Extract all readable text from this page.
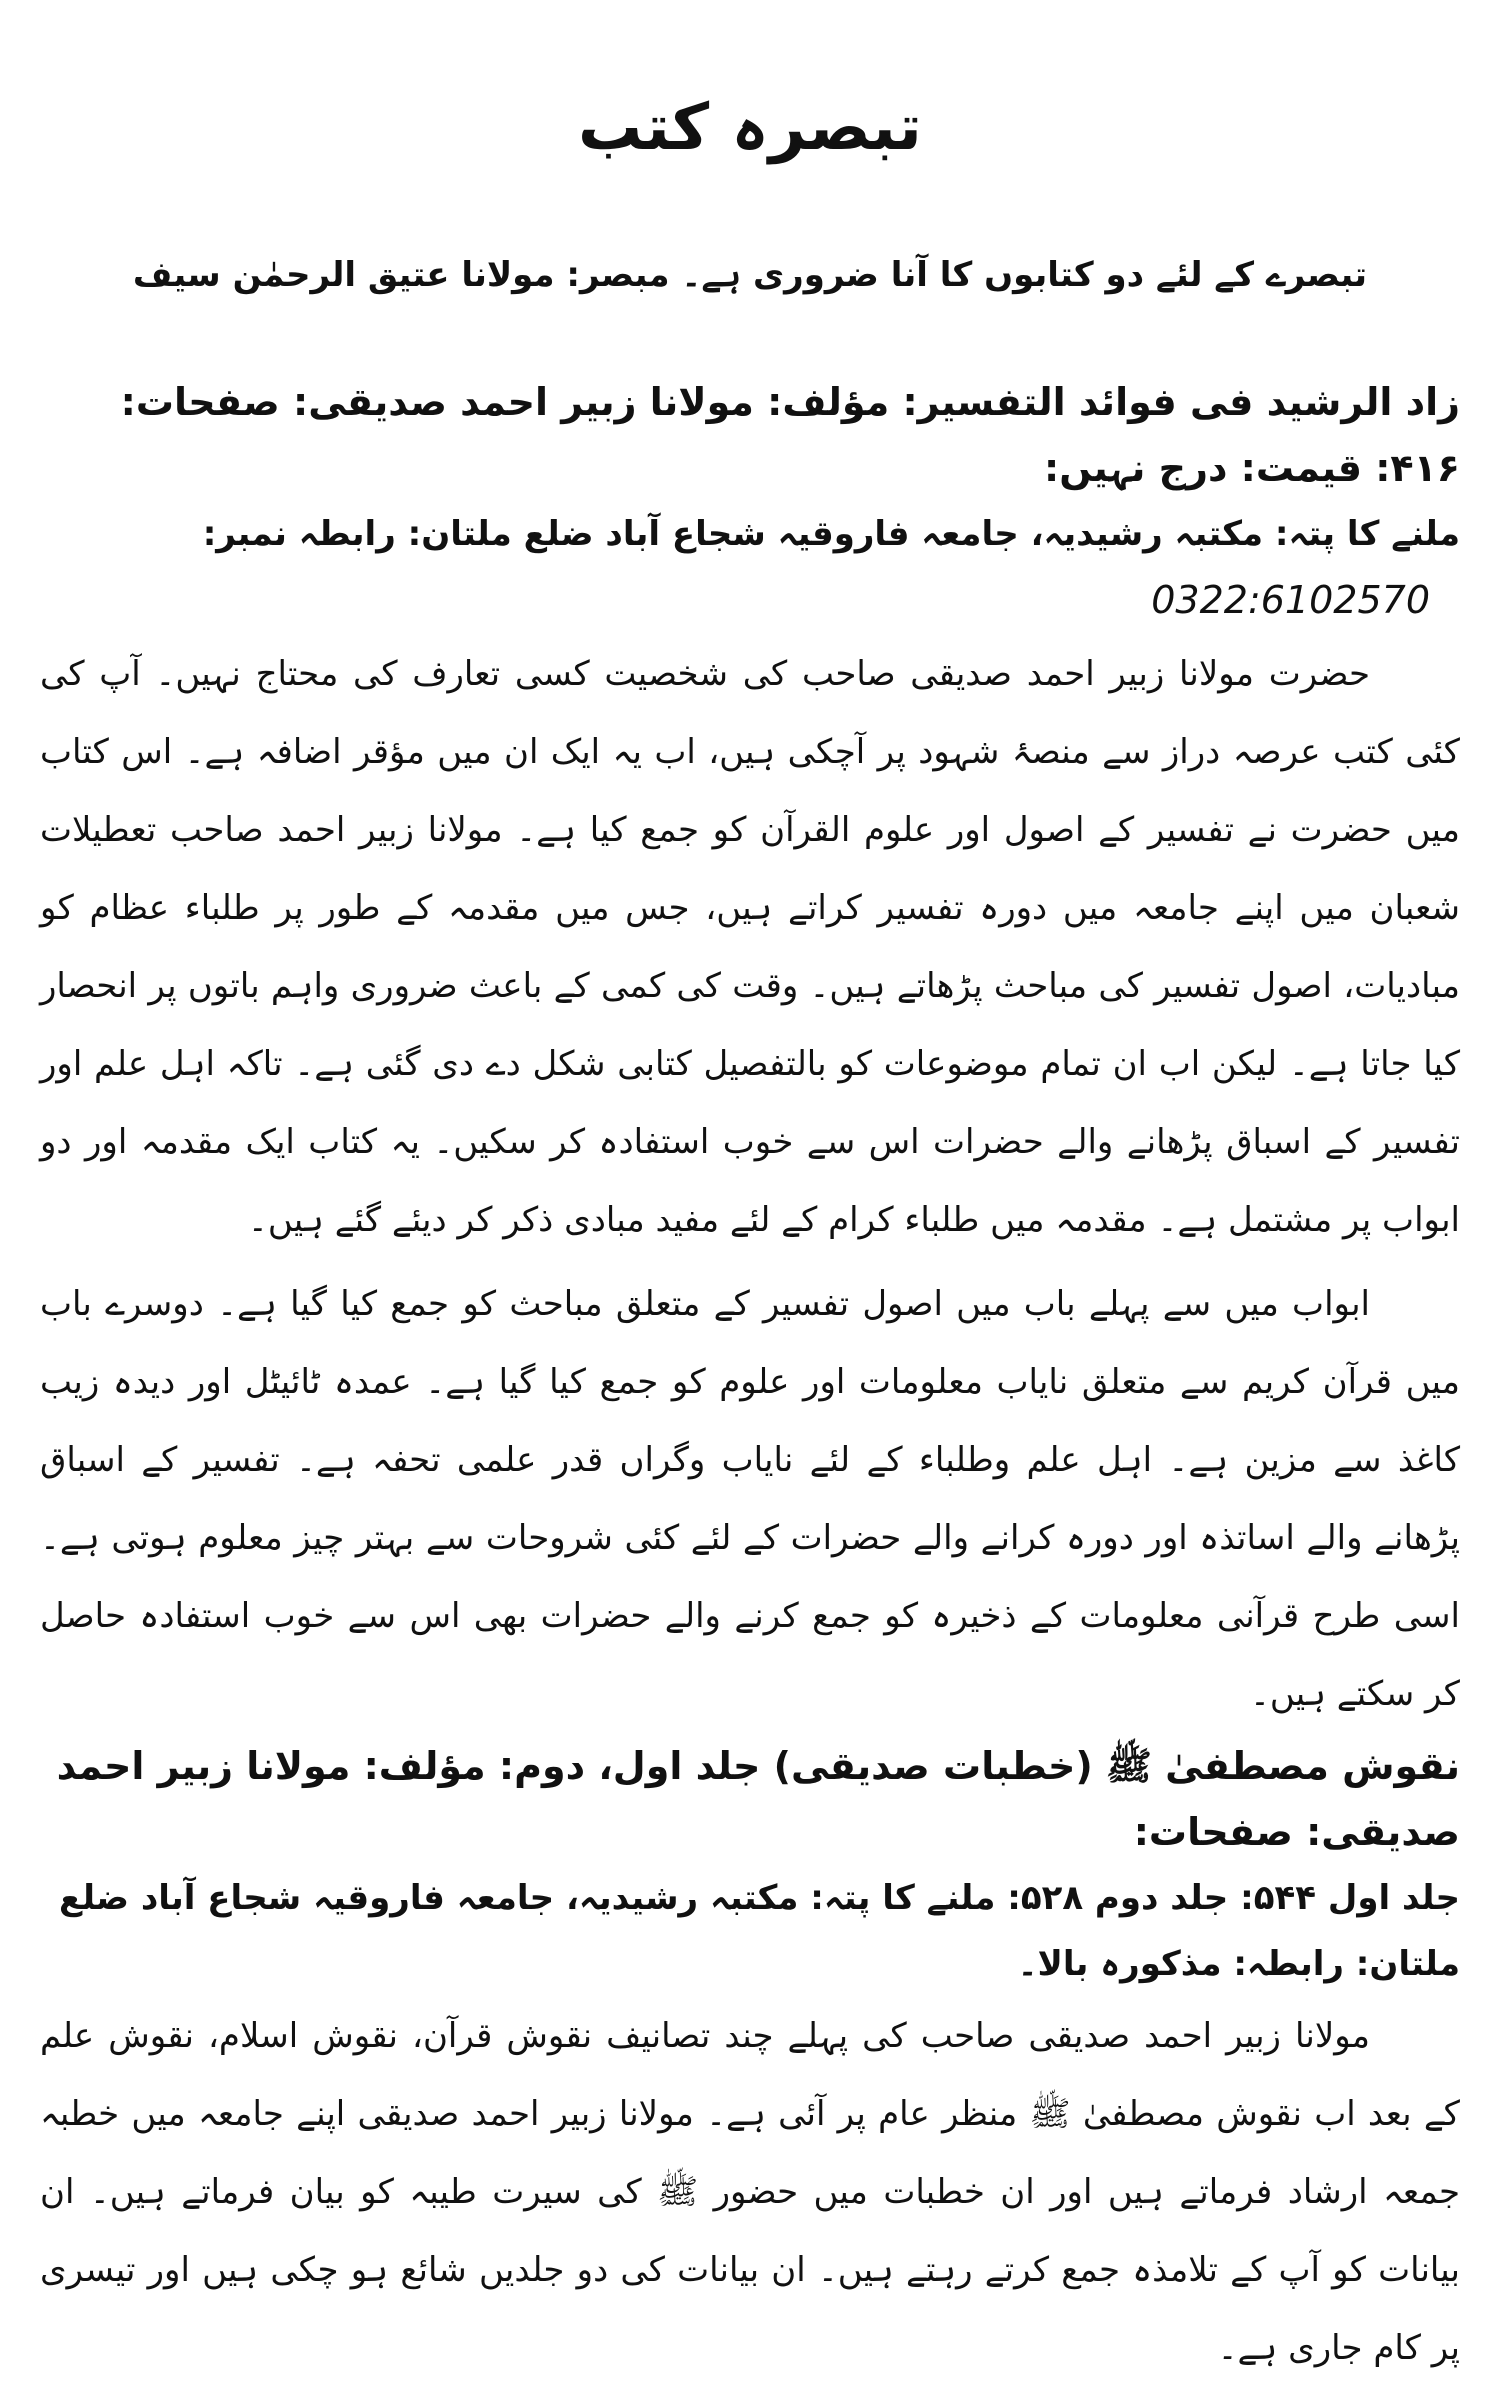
تبصرہ کتب
تبصرے کے لئے دو کتابوں کا آنا ضروری ہے۔ مبصر: مولانا عتیق الرحمٰن سیف
زاد الرشید فی فوائد التفسیر: مؤلف: مولانا زبیر احمد صدیقی: صفحات: ۴۱۶: قیمت: درج نہیں:
ملنے کا پتہ: مکتبہ رشیدیہ، جامعہ فاروقیہ شجاع آباد ضلع ملتان: رابطہ نمبر:0322:6102570

حضرت مولانا زبیر احمد صدیقی صاحب کی شخصیت کسی تعارف کی محتاج نہیں۔ آپ کی کئی کتب عرصہ دراز سے منصۂ شہود پر آچکی ہیں، اب یہ ایک ان میں مؤقر اضافہ ہے۔ اس کتاب میں حضرت نے تفسیر کے اصول اور علوم القرآن کو جمع کیا ہے۔ مولانا زبیر احمد صاحب تعطیلات شعبان میں اپنے جامعہ میں دورہ تفسیر کراتے ہیں، جس میں مقدمہ کے طور پر طلباء عظام کو مبادیات، اصول تفسیر کی مباحث پڑھاتے ہیں۔ وقت کی کمی کے باعث ضروری واہم باتوں پر انحصار کیا جاتا ہے۔ لیکن اب ان تمام موضوعات کو بالتفصیل کتابی شکل دے دی گئی ہے۔ تاکہ اہل علم اور تفسیر کے اسباق پڑھانے والے حضرات اس سے خوب استفادہ کر سکیں۔ یہ کتاب ایک مقدمہ اور دو ابواب پر مشتمل ہے۔ مقدمہ میں طلباء کرام کے لئے مفید مبادی ذکر کر دیئے گئے ہیں۔

ابواب میں سے پہلے باب میں اصول تفسیر کے متعلق مباحث کو جمع کیا گیا ہے۔ دوسرے باب میں قرآن کریم سے متعلق نایاب معلومات اور علوم کو جمع کیا گیا ہے۔ عمدہ ٹائیٹل اور دیدہ زیب کاغذ سے مزین ہے۔ اہل علم وطلباء کے لئے نایاب وگراں قدر علمی تحفہ ہے۔ تفسیر کے اسباق پڑھانے والے اساتذہ اور دورہ کرانے والے حضرات کے لئے کئی شروحات سے بہتر چیز معلوم ہوتی ہے۔ اسی طرح قرآنی معلومات کے ذخیرہ کو جمع کرنے والے حضرات بھی اس سے خوب استفادہ حاصل کر سکتے ہیں۔

نقوش مصطفیٰ ﷺ (خطبات صدیقی) جلد اول، دوم: مؤلف: مولانا زبیر احمد صدیقی: صفحات:
جلد اول ۵۴۴: جلد دوم ۵۲۸: ملنے کا پتہ: مکتبہ رشیدیہ، جامعہ فاروقیہ شجاع آباد ضلع ملتان: رابطہ: مذکورہ بالا۔

مولانا زبیر احمد صدیقی صاحب کی پہلے چند تصانیف نقوش قرآن، نقوش اسلام، نقوش علم کے بعد اب نقوش مصطفیٰ ﷺ منظر عام پر آئی ہے۔ مولانا زبیر احمد صدیقی اپنے جامعہ میں خطبہ جمعہ ارشاد فرماتے ہیں اور ان خطبات میں حضور ﷺ کی سیرت طیبہ کو بیان فرماتے ہیں۔ ان بیانات کو آپ کے تلامذہ جمع کرتے رہتے ہیں۔ ان بیانات کی دو جلدیں شائع ہو چکی ہیں اور تیسری پر کام جاری ہے۔
